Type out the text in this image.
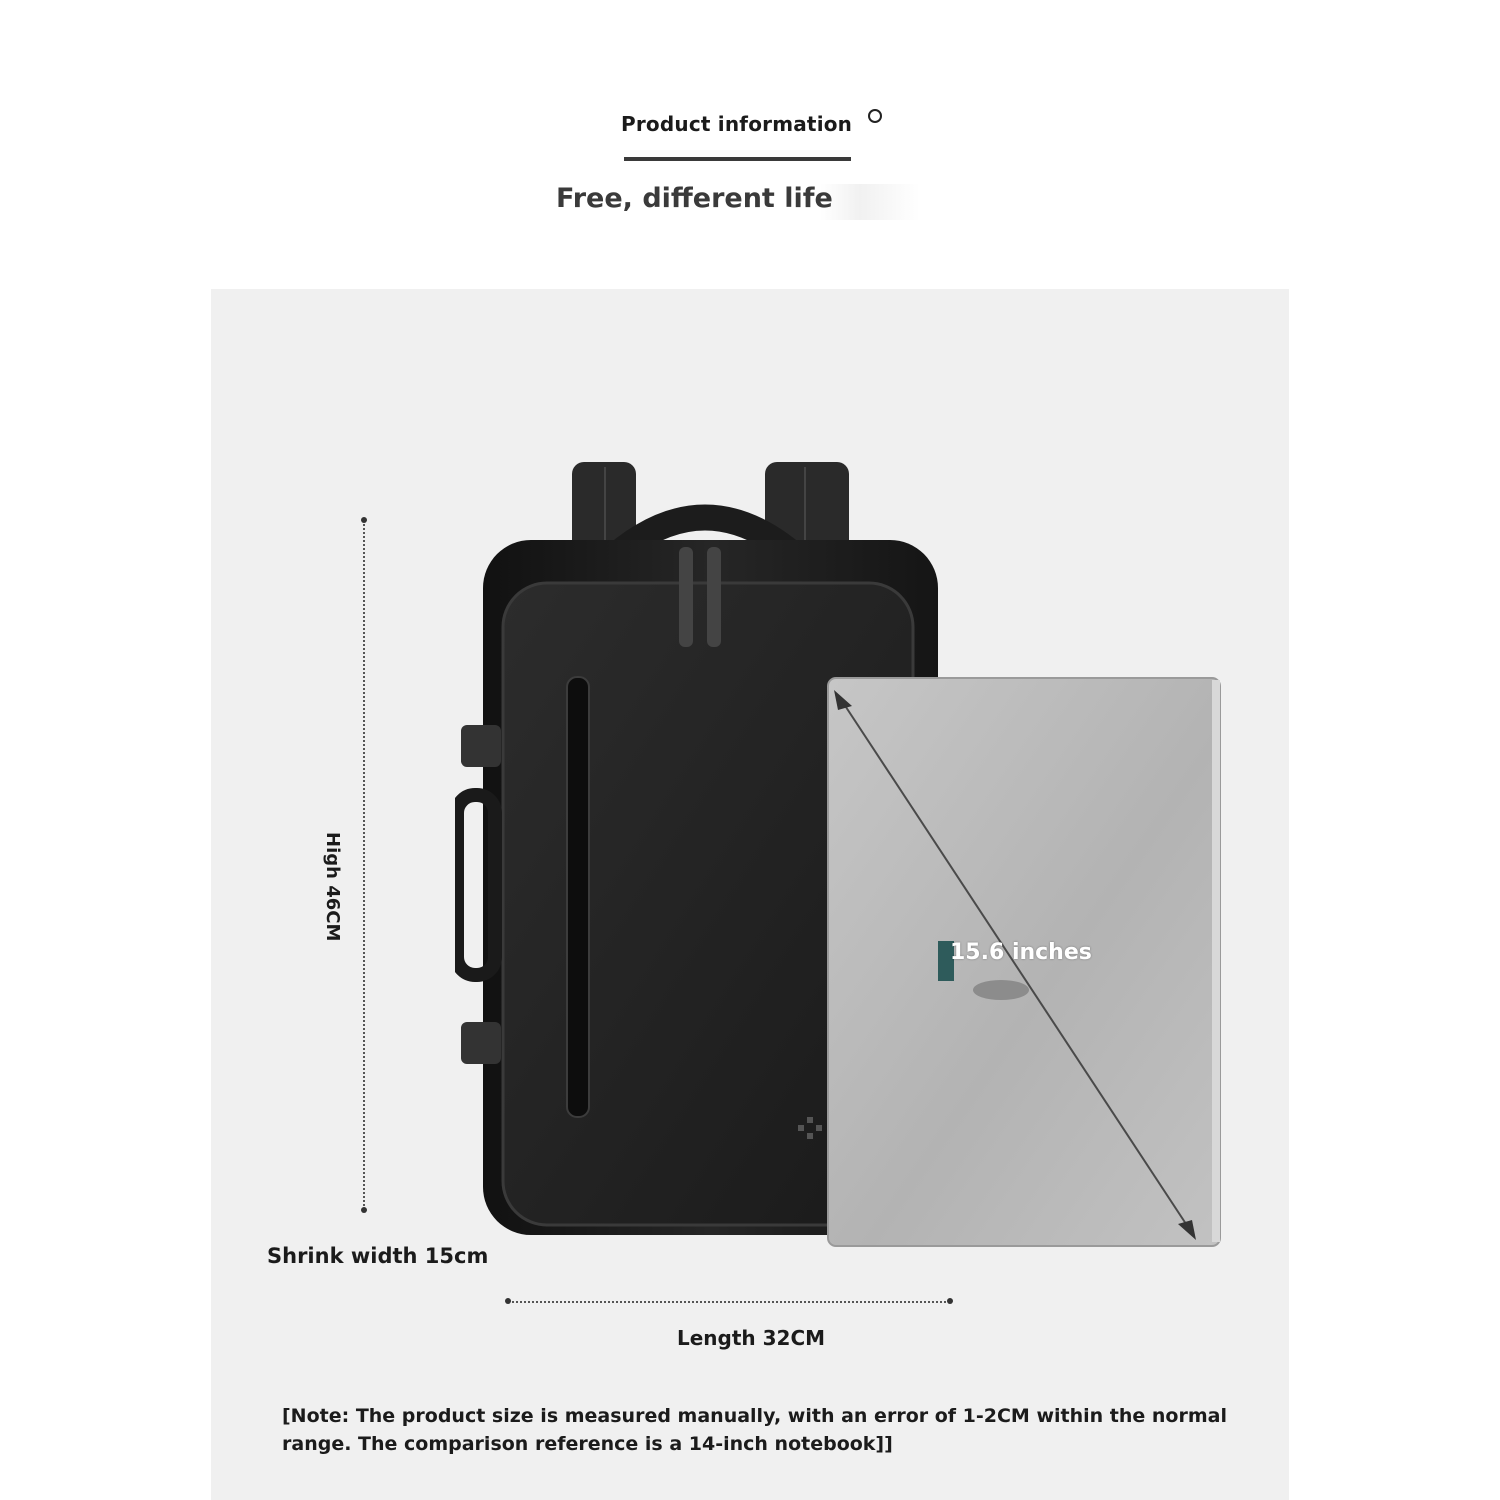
Product information
Free, different life
High 46CM
15.6 inches
Shrink width 15cm
Length 32CM
[Note: The product size is measured manually, with an error of 1-2CM within the normal range. The comparison reference is a 14-inch notebook]]
